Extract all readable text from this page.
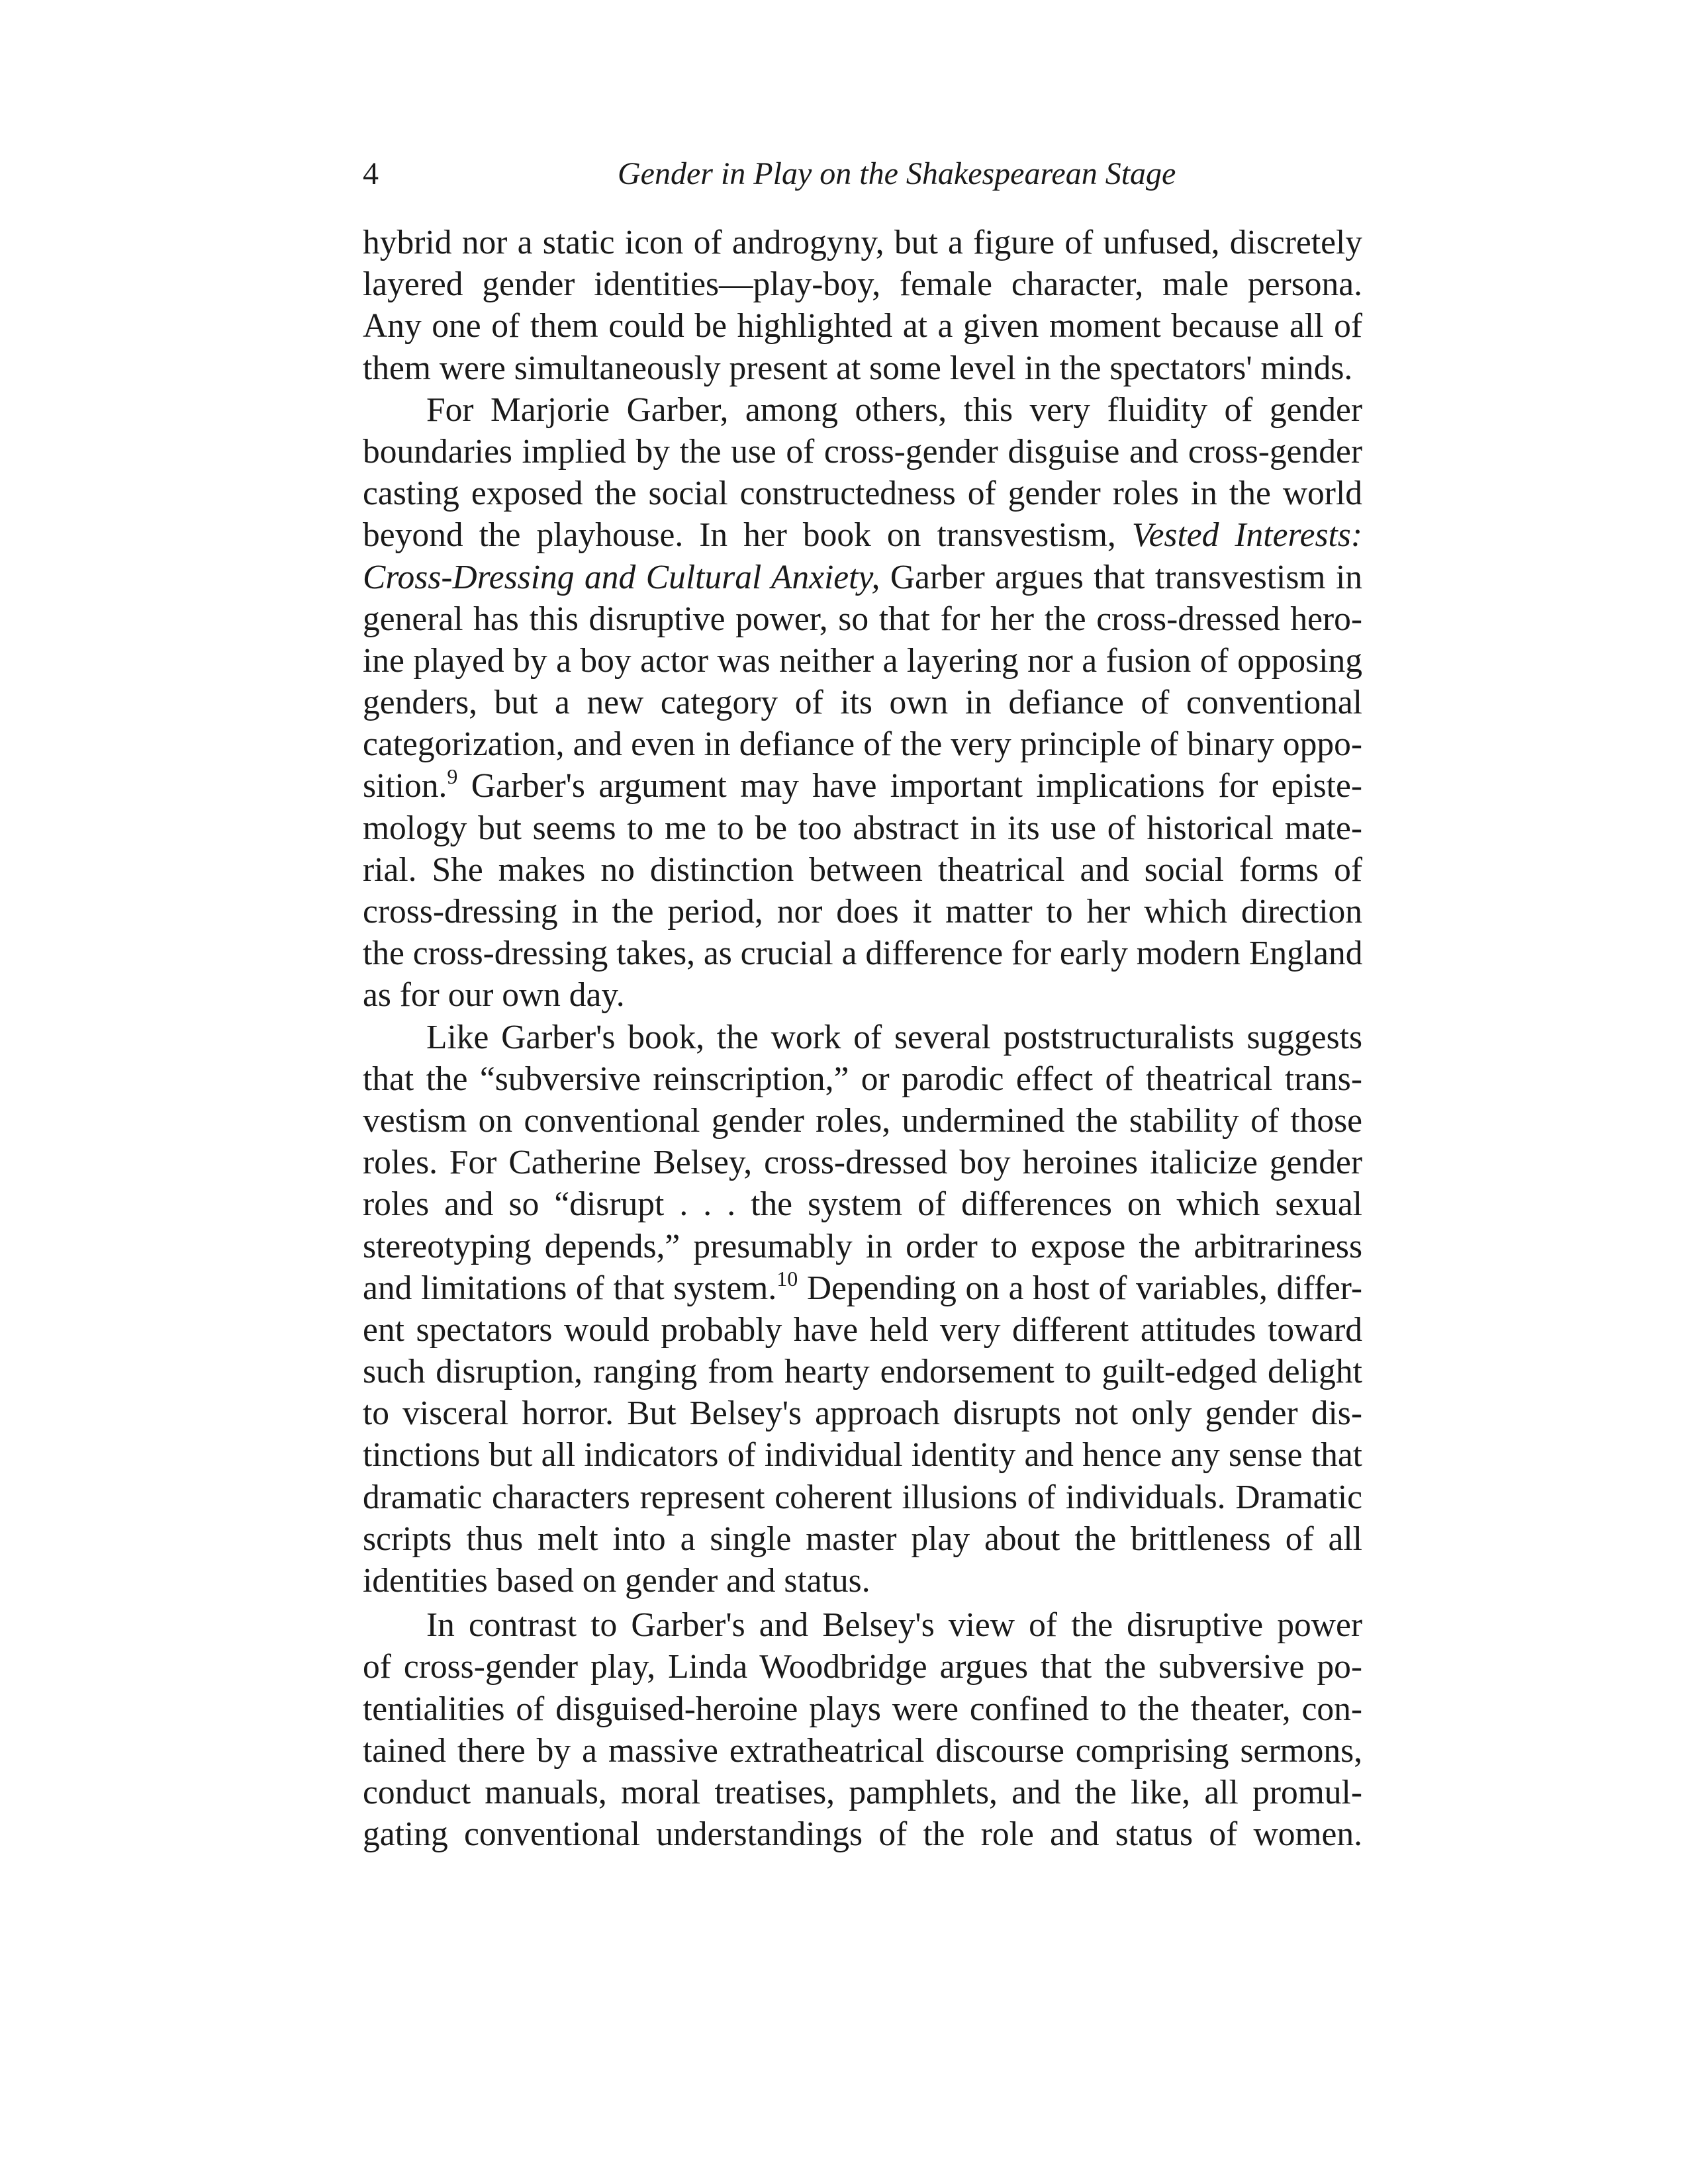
4	Gender in Play on the Shakespearean Stage
hybrid nor a static icon of androgyny, but a figure of unfused, discretely
layered gender identities—play-boy, female character, male persona.
Any one of them could be highlighted at a given moment because all of
them were simultaneously present at some level in the spectators' minds.
For Marjorie Garber, among others, this very fluidity of gender
boundaries implied by the use of cross-gender disguise and cross-gender
casting exposed the social constructedness of gender roles in the world
beyond the playhouse. In her book on transvestism, Vested Interests:
Cross-Dressing and Cultural Anxiety, Garber argues that transvestism in
general has this disruptive power, so that for her the cross-dressed hero-
ine played by a boy actor was neither a layering nor a fusion of opposing
genders, but a new category of its own in defiance of conventional
categorization, and even in defiance of the very principle of binary oppo-
sition.$^9$ Garber's argument may have important implications for episte-
mology but seems to me to be too abstract in its use of historical mate-
rial. She makes no distinction between theatrical and social forms of
cross-dressing in the period, nor does it matter to her which direction
the cross-dressing takes, as crucial a difference for early modern England
as for our own day.
Like Garber's book, the work of several poststructuralists suggests
that the “subversive reinscription,” or parodic effect of theatrical trans-
vestism on conventional gender roles, undermined the stability of those
roles. For Catherine Belsey, cross-dressed boy heroines italicize gender
roles and so “disrupt . . . the system of differences on which sexual
stereotyping depends,” presumably in order to expose the arbitrariness
and limitations of that system.$^{10}$ Depending on a host of variables, differ-
ent spectators would probably have held very different attitudes toward
such disruption, ranging from hearty endorsement to guilt-edged delight
to visceral horror. But Belsey's approach disrupts not only gender dis-
tinctions but all indicators of individual identity and hence any sense that
dramatic characters represent coherent illusions of individuals. Dramatic
scripts thus melt into a single master play about the brittleness of all
identities based on gender and status.
In contrast to Garber's and Belsey's view of the disruptive power
of cross-gender play, Linda Woodbridge argues that the subversive po-
tentialities of disguised-heroine plays were confined to the theater, con-
tained there by a massive extratheatrical discourse comprising sermons,
conduct manuals, moral treatises, pamphlets, and the like, all promul-
gating conventional understandings of the role and status of women.
